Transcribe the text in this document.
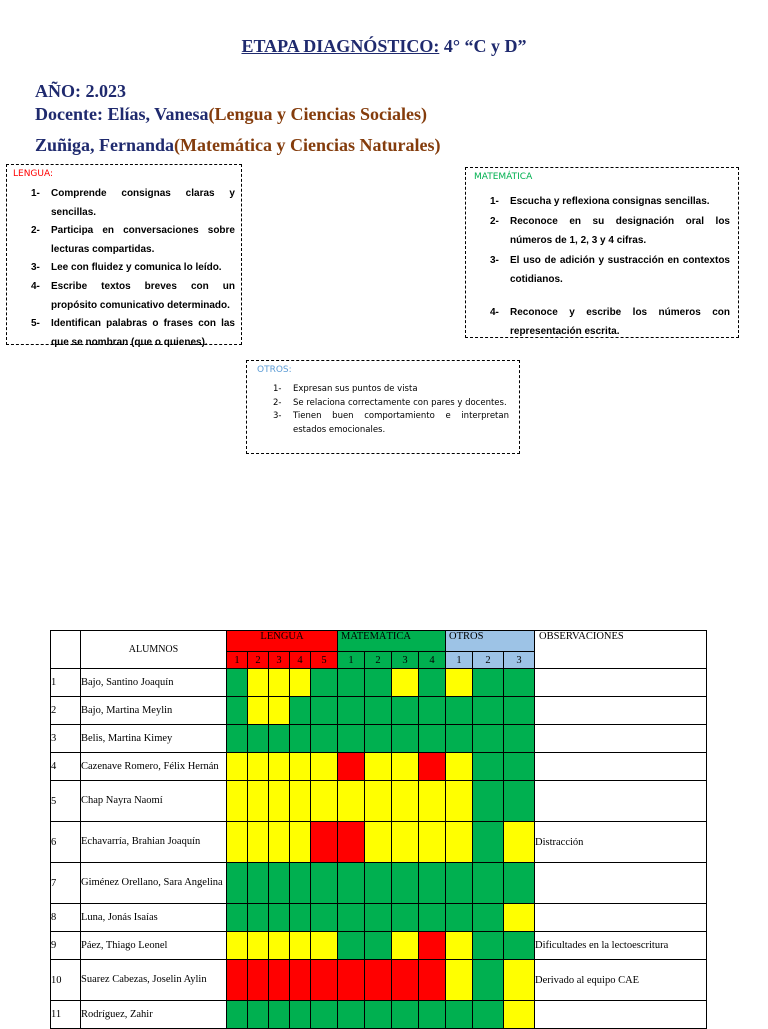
ETAPA DIAGNÓSTICO: 4° “C y D”
AÑO: 2.023
Docente: Elías, Vanesa(Lengua y Ciencias Sociales)
Zuñiga, Fernanda(Matemática y Ciencias Naturales)
LENGUA:
1-	Comprende consignas claras y sencillas.
2-	Participa en conversaciones sobre lecturas compartidas.
3-	Lee con fluidez y comunica lo leído.
4-	Escribe textos breves con un propósito comunicativo determinado.
5-	Identifican palabras o frases con las que se nombran (que o quienes).
MATEMÁTICA
1-	Escucha y reflexiona consignas sencillas.
2-	Reconoce en su designación oral los números de 1, 2, 3 y 4 cifras.
3-	El uso de adición y sustracción en contextos cotidianos.
4-	Reconoce y escribe los números con representación escrita.
OTROS:
1-	Expresan sus puntos de vista
2-	Se relaciona correctamente con pares y docentes.
3-	Tienen buen comportamiento e interpretan estados emocionales.
	ALUMNOS	LENGUA					MATEMÁTICA				OTROS			OBSERVACIONES
		1	2	3	4	5	1	2	3	4	1	2	3	
1	Bajo, Santino Joaquín													
2	Bajo, Martina Meylin													
3	Belis, Martina Kimey													
4	Cazenave Romero, Félix Hernán													
5	Chap Nayra Naomí													
6	Echavarría, Brahian Joaquín													Distracción
7	Giménez Orellano, Sara Angelina													
8	Luna, Jonás Isaías													
9	Páez, Thiago Leonel													Dificultades en la lectoescritura
10	Suarez Cabezas, Joselin Aylin													Derivado al equipo CAE
11	Rodríguez, Zahir													
